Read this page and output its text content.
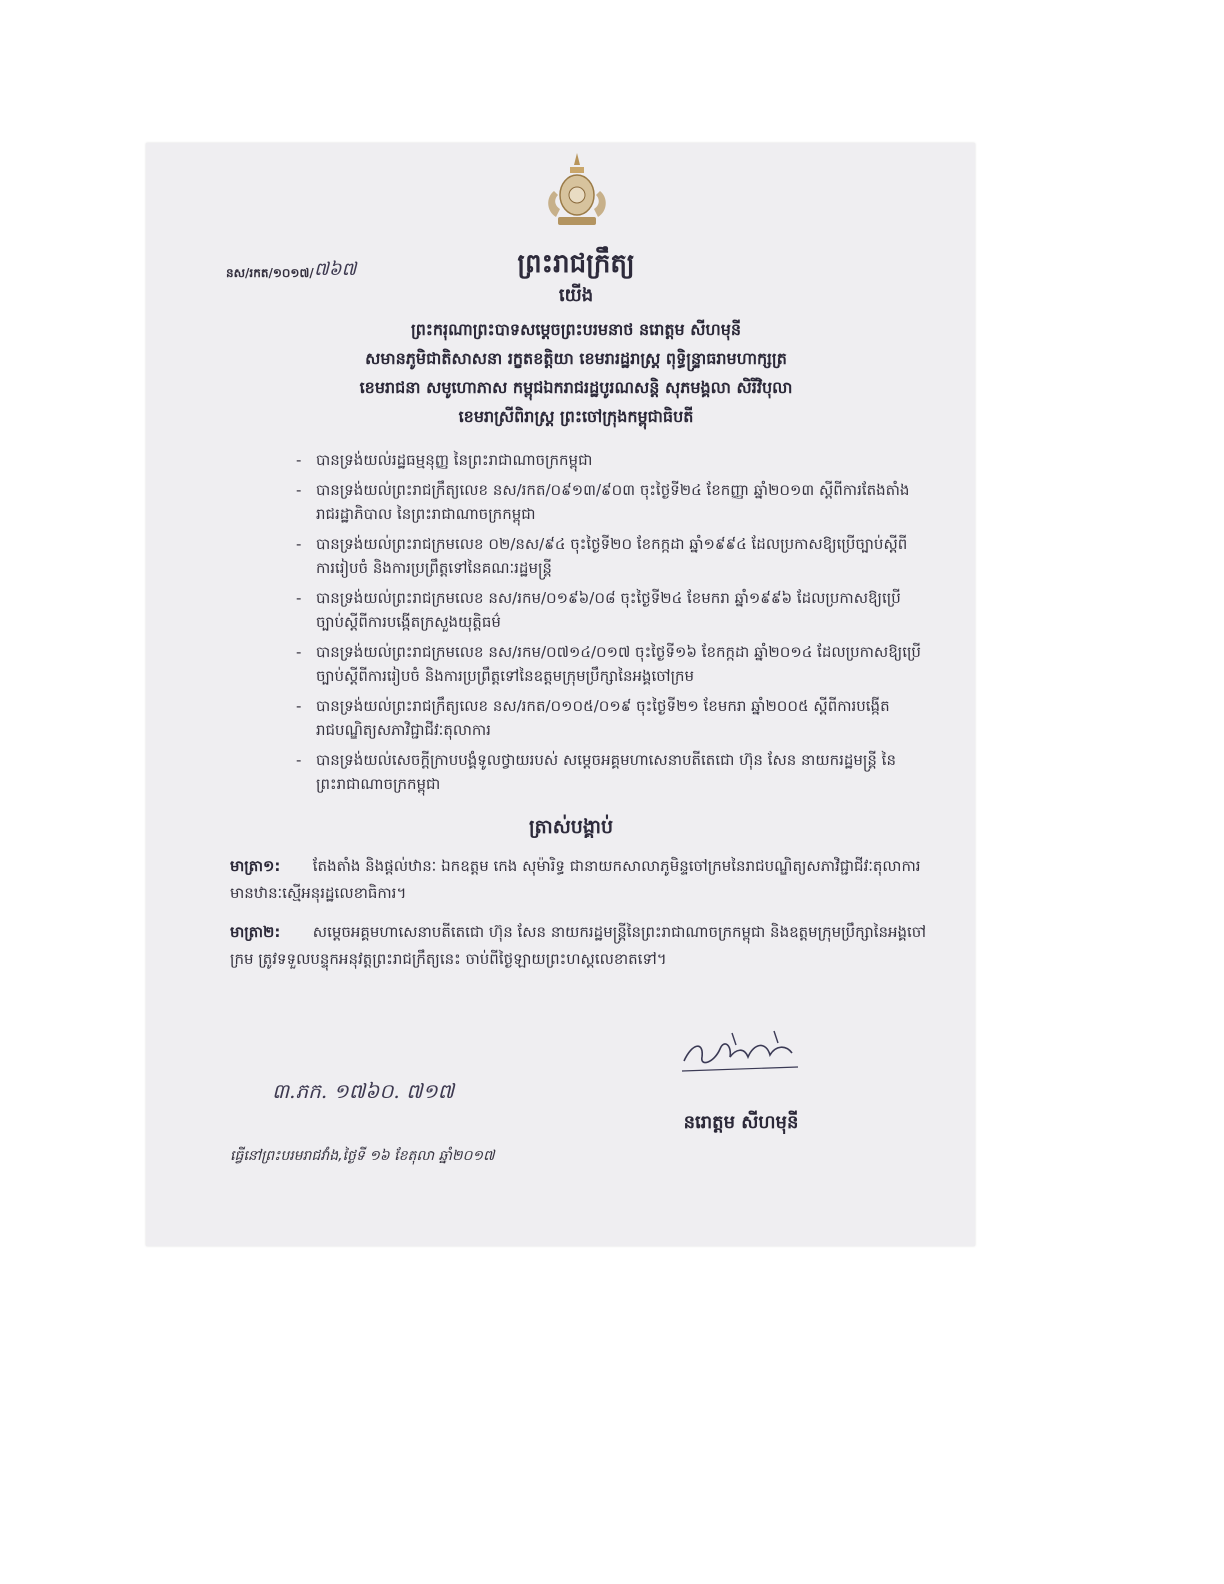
ព្រះរាជក្រឹត្យ
យើង
នស/រកត/១០១៧/ ៧៦៧
ព្រះករុណាព្រះបាទសម្តេចព្រះបរមនាថ នរោត្តម សីហមុនី
សមានភូមិជាតិសាសនា រក្ខតខត្តិយា ខេមរារដ្ឋរាស្ត្រ ពុទ្ធិន្ទ្រាធរាមហាក្សត្រ
ខេមរាជនា សមូហោភាស កម្ពុជឯករាជរដ្ឋបូរណសន្តិ សុភមង្គលា សិរីវិបុលា
ខេមរាស្រីពិរាស្ត្រ ព្រះចៅក្រុងកម្ពុជាធិបតី
- បានទ្រង់យល់រដ្ឋធម្មនុញ្ញ នៃព្រះរាជាណាចក្រកម្ពុជា
- បានទ្រង់យល់ព្រះរាជក្រឹត្យលេខ នស/រកត/០៩១៣/៩០៣ ចុះថ្ងៃទី២៤ ខែកញ្ញា ឆ្នាំ២០១៣ ស្តីពីការតែងតាំងរាជរដ្ឋាភិបាល នៃព្រះរាជាណាចក្រកម្ពុជា
- បានទ្រង់យល់ព្រះរាជក្រមលេខ ០២/នស/៩៤ ចុះថ្ងៃទី២០ ខែកក្កដា ឆ្នាំ១៩៩៤ ដែលប្រកាសឱ្យប្រើច្បាប់ស្តីពីការរៀបចំ និងការប្រព្រឹត្តទៅនៃគណៈរដ្ឋមន្ត្រី
- បានទ្រង់យល់ព្រះរាជក្រមលេខ នស/រកម/០១៩៦/០៨ ចុះថ្ងៃទី២៤ ខែមករា ឆ្នាំ១៩៩៦ ដែលប្រកាសឱ្យប្រើច្បាប់ស្តីពីការបង្កើតក្រសួងយុត្តិធម៌
- បានទ្រង់យល់ព្រះរាជក្រមលេខ នស/រកម/០៧១៤/០១៧ ចុះថ្ងៃទី១៦ ខែកក្កដា ឆ្នាំ២០១៤ ដែលប្រកាសឱ្យប្រើច្បាប់ស្តីពីការរៀបចំ និងការប្រព្រឹត្តទៅនៃឧត្តមក្រុមប្រឹក្សានៃអង្គចៅក្រម
- បានទ្រង់យល់ព្រះរាជក្រឹត្យលេខ នស/រកត/០១០៥/០១៩ ចុះថ្ងៃទី២១ ខែមករា ឆ្នាំ២០០៥ ស្តីពីការបង្កើតរាជបណ្ឌិត្យសភាវិជ្ជាជីវៈតុលាការ
- បានទ្រង់យល់សេចក្តីក្រាបបង្គំទូលថ្វាយរបស់ សម្តេចអគ្គមហាសេនាបតីតេជោ ហ៊ុន សែន នាយករដ្ឋមន្ត្រី នៃព្រះរាជាណាចក្រកម្ពុជា
ត្រាស់បង្គាប់
មាត្រា១: តែងតាំង និងផ្តល់ឋានៈ ឯកឧត្តម កេង សុម៉ារិទ្ធ ជានាយកសាលាភូមិន្ទចៅក្រមនៃរាជបណ្ឌិត្យសភាវិជ្ជាជីវៈតុលាការ មានឋានៈស្មើអនុរដ្ឋលេខាធិការ។
មាត្រា២: សម្តេចអគ្គមហាសេនាបតីតេជោ ហ៊ុន សែន នាយករដ្ឋមន្ត្រីនៃព្រះរាជាណាចក្រកម្ពុជា និងឧត្តមក្រុមប្រឹក្សានៃអង្គចៅក្រម ត្រូវទទួលបន្ទុកអនុវត្តព្រះរាជក្រឹត្យនេះ ចាប់ពីថ្ងៃឡាយព្រះហស្តលេខាតទៅ។
នរោត្តម សីហមុនី
៣.ភក. ១៧៦០. ៧១៧
ធ្វើនៅព្រះបរមរាជវាំង,ថ្ងៃទី ១៦ ខែតុលា ឆ្នាំ២០១៧
